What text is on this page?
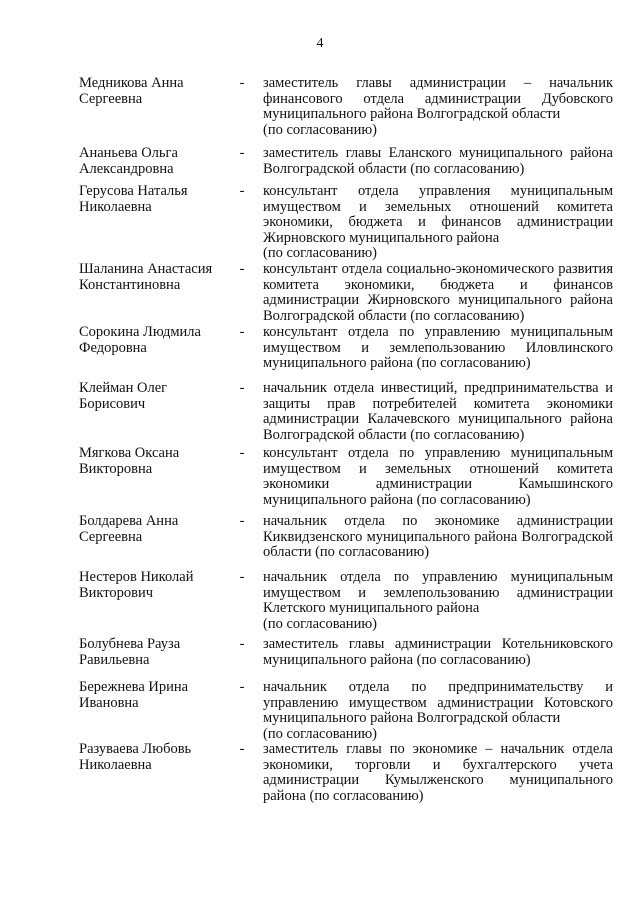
4
Медникова Анна
Сергеевна
- заместитель главы администрации – начальник финансового отдела администрации Дубовского муниципального района Волгоградской области
(по согласованию)
Ананьева Ольга
Александровна
- заместитель главы Еланского муниципального района Волгоградской области (по согласованию)
Герусова Наталья
Николаевна
- консультант отдела управления муниципальным имуществом и земельных отношений комитета экономики, бюджета и финансов администрации Жирновского муниципального района
(по согласованию)
Шаланина Анастасия
Константиновна
- консультант отдела социально-экономического развития комитета экономики, бюджета и финансов администрации Жирновского муниципального района Волгоградской области (по согласованию)
Сорокина Людмила
Федоровна
- консультант отдела по управлению муниципальным имуществом и землепользованию Иловлинского муниципального района (по согласованию)
Клейман Олег
Борисович
- начальник отдела инвестиций, предпринимательства и защиты прав потребителей комитета экономики администрации Калачевского муниципального района Волгоградской области (по согласованию)
Мягкова Оксана
Викторовна
- консультант отдела по управлению муниципальным имуществом и земельных отношений комитета экономики администрации Камышинского муниципального района (по согласованию)
Болдарева Анна
Сергеевна
- начальник отдела по экономике администрации Киквидзенского муниципального района Волгоградской области (по согласованию)
Нестеров Николай
Викторович
- начальник отдела по управлению муниципальным имуществом и землепользованию администрации Клетского муниципального района
(по согласованию)
Болубнева Рауза
Равильевна
- заместитель главы администрации Котельниковского муниципального района (по согласованию)
Бережнева Ирина
Ивановна
- начальник отдела по предпринимательству и управлению имуществом администрации Котовского муниципального района Волгоградской области
(по согласованию)
Разуваева Любовь
Николаевна
- заместитель главы по экономике – начальник отдела экономики, торговли и бухгалтерского учета администрации Кумылженского муниципального района (по согласованию)
